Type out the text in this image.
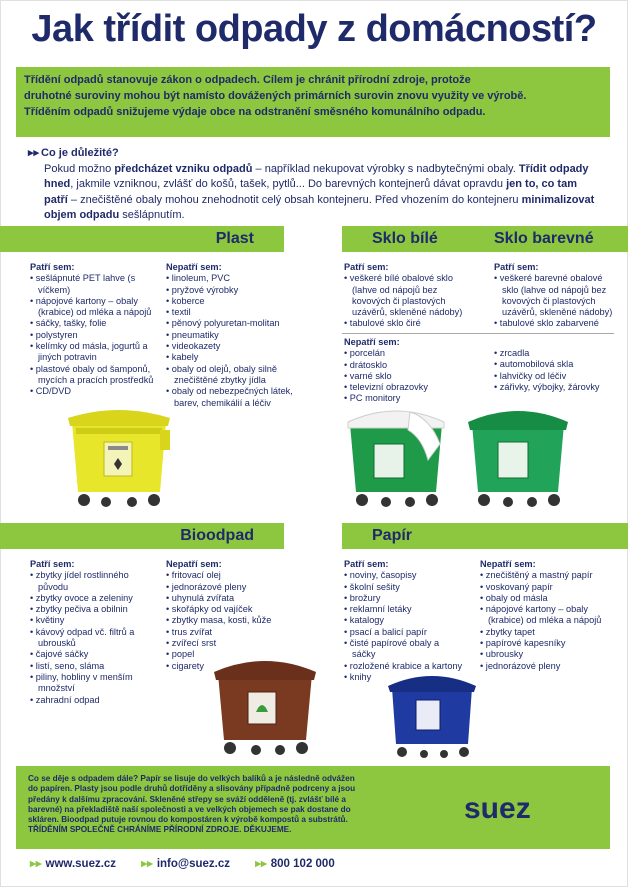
Jak třídit odpady z domácností?

Třídění odpadů stanovuje zákon o odpadech. Cílem je chránit přírodní zdroje, protože

druhotné suroviny mohou být namísto dovážených primárních surovin znovu využity ve výrobě.

Tříděním odpadů snižujeme výdaje obce na odstranění směsného komunálního odpadu.

▸▸ Co je důležité?
Pokud možno předcházet vzniku odpadů – například nekupovat výrobky s nadbytečnými obaly. Třídit odpady hned, jakmile vzniknou, zvlášť do košů, tašek, pytlů... Do barevných kontejnerů dávat opravdu jen to, co tam patří – znečištěné obaly mohou znehodnotit celý obsah kontejneru. Před vhozením do kontejneru minimalizovat objem odpadu sešlápnutím.
Plast
Patří sem:
• sešlápnuté PET lahve (s víčkem)
• nápojové kartony – obaly (krabice) od mléka a nápojů
• sáčky, tašky, folie
• polystyren
• kelímky od másla, jogurtů a jiných potravin
• plastové obaly od šamponů, mycích a pracích prostředků
• CD/DVD
Nepatří sem:
• linoleum, PVC
• pryžové výrobky
• koberce
• textil
• pěnový polyuretan-molitan
• pneumatiky
• videokazety
• kabely
• obaly od olejů, obaly silně znečištěné zbytky jídla
• obaly od nebezpečných látek, barev, chemikálií a léčiv
Sklo bílé	Sklo barevné
Patří sem:
• veškeré bílé obalové sklo (lahve od nápojů bez kovových či plastových uzávěrů, skleněné nádoby)
• tabulové sklo čiré
Patří sem:
• veškeré barevné obalové sklo (lahve od nápojů bez kovových či plastových uzávěrů, skleněné nádoby)
• tabulové sklo zabarvené
Nepatří sem:
• porcelán
• drátosklo
• varné sklo
• televizní obrazovky
• PC monitory
• zrcadla
• automobilová skla
• lahvičky od léčiv
• zářivky, výbojky, žárovky
Bioodpad
Patří sem:
• zbytky jídel rostlinného původu
• zbytky ovoce a zeleniny
• zbytky pečiva a obilnin
• květiny
• kávový odpad vč. filtrů a ubrousků
• čajové sáčky
• listí, seno, sláma
• piliny, hobliny v menším množství
• zahradní odpad
Nepatří sem:
• fritovací olej
• jednorázové pleny
• uhynulá zvířata
• skořápky od vajíček
• zbytky masa, kosti, kůže
• trus zvířat
• zvířecí srst
• popel
• cigarety
Papír
Patří sem:
• noviny, časopisy
• školní sešity
• brožury
• reklamní letáky
• katalogy
• psací a balicí papír
• čisté papírové obaly a sáčky
• rozložené krabice a kartony
• knihy
Nepatří sem:
• znečištěný a mastný papír
• voskovaný papír
• obaly od másla
• nápojové kartony – obaly (krabice) od mléka a nápojů
• zbytky tapet
• papírové kapesníky
• ubrousky
• jednorázové pleny
Co se děje s odpadem dále? Papír se lisuje do velkých balíků a je následně odvážen do papíren. Plasty jsou podle druhů dotříděny a slisovány případně podrceny a jsou předány k dalšímu zpracování. Skleněné střepy se sváží odděleně (tj. zvlášť bílé a barevné) na překladiště naší společnosti a ve velkých objemech se pak dostane do skláren. Bioodpad putuje rovnou do kompostáren k výrobě kompostů a substrátů.
TŘÍDĚNÍM SPOLEČNĚ CHRÁNÍME PŘÍRODNÍ ZDROJE. DĚKUJEME.
suez
▸▸ www.suez.cz ▸▸ info@suez.cz ▸▸ 800 102 000
